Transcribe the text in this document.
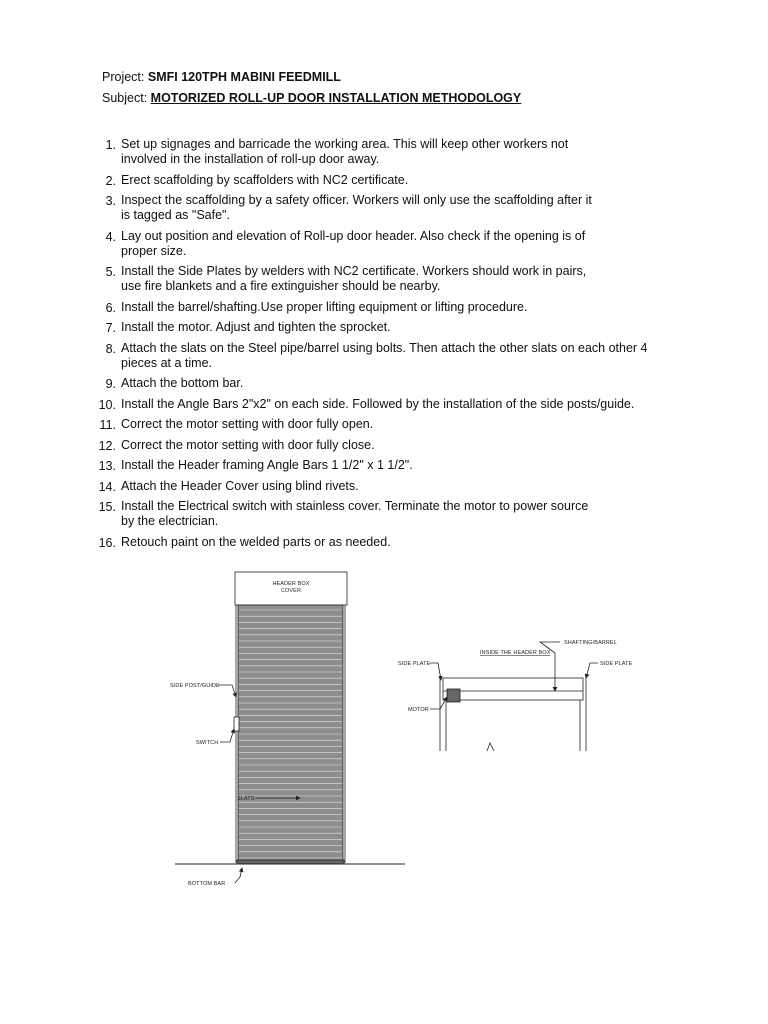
Project: SMFI 120TPH MABINI FEEDMILL
Subject: MOTORIZED ROLL-UP DOOR INSTALLATION METHODOLOGY
1. Set up signages and barricade the working area. This will keep other workers not
involved in the installation of roll-up door away.
2. Erect scaffolding by scaffolders with NC2 certificate.
3. Inspect the scaffolding by a safety officer. Workers will only use the scaffolding after it
is tagged as "Safe".
4. Lay out position and elevation of Roll-up door header. Also check if the opening is of
proper size.
5. Install the Side Plates by welders with NC2 certificate. Workers should work in pairs,
use fire blankets and a fire extinguisher should be nearby.
6. Install the barrel/shafting.Use proper lifting equipment or lifting procedure.
7. Install the motor. Adjust and tighten the sprocket.
8. Attach the slats on the Steel pipe/barrel using bolts. Then attach the other slats on each other 4
pieces at a time.
9. Attach the bottom bar.
10. Install the Angle Bars 2"x2" on each side. Followed by the installation of the side posts/guide.
11. Correct the motor setting with door fully open.
12. Correct the motor setting with door fully close.
13. Install the Header framing Angle Bars 1 1/2" x 1 1/2".
14. Attach the Header Cover using blind rivets.
15. Install the Electrical switch with stainless cover. Terminate the motor to power source
by the electrician.
16. Retouch paint on the welded parts or as needed.
HEADER BOX
COVER
SIDE POST/GUIDE
SWITCH
SLATS
BOTTOM BAR
SHAFTING/BARREL
INSIDE THE HEADER BOX
SIDE PLATE	SIDE PLATE
MOTOR
